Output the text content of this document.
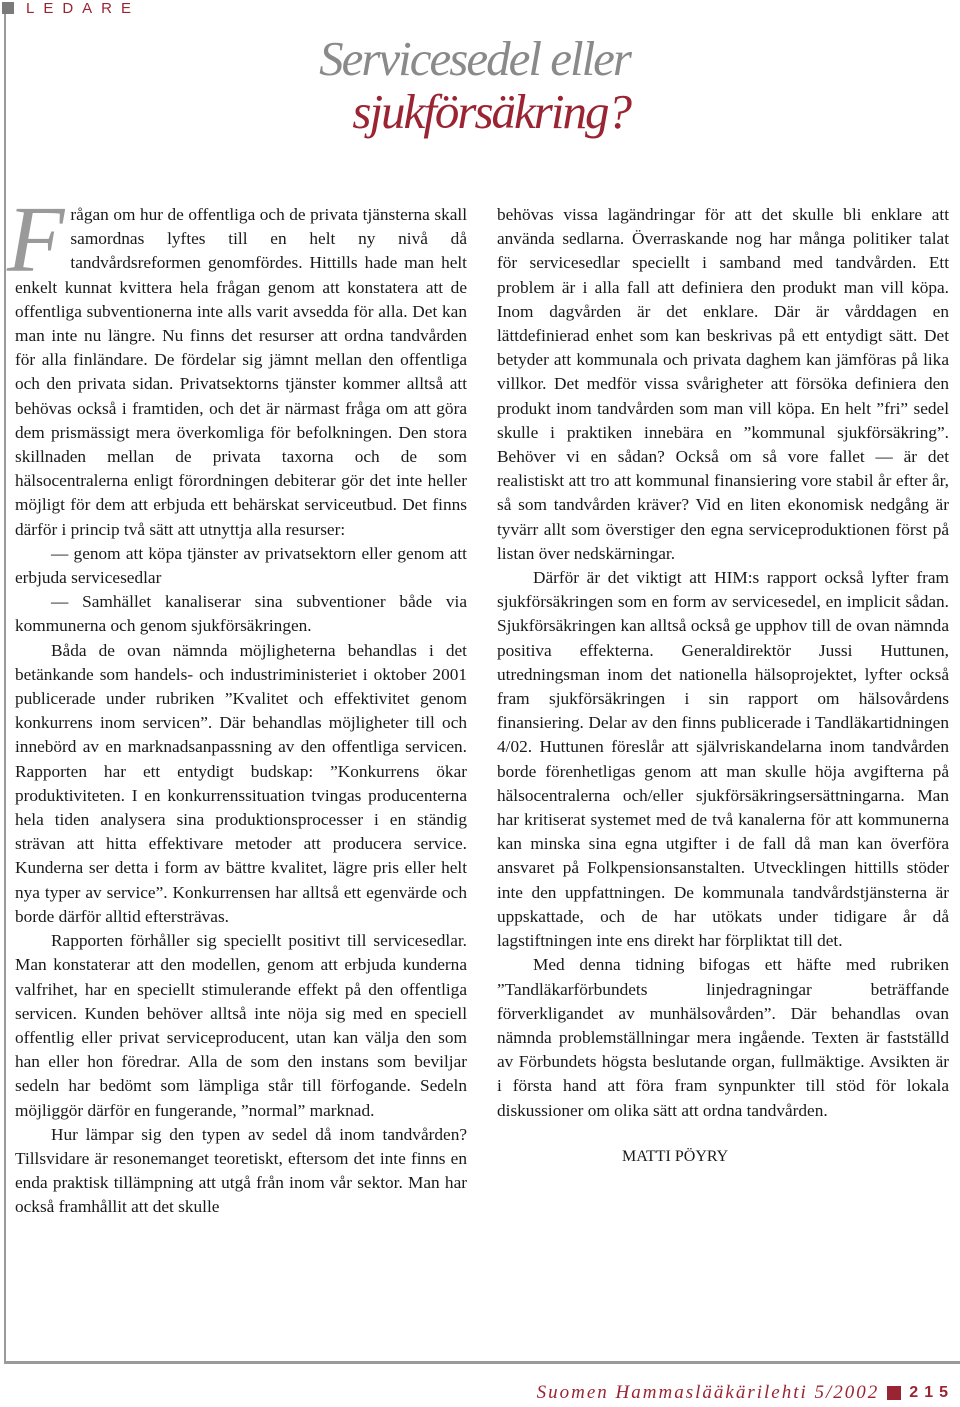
LEDARE
Servicesedel eller
sjukförsäkring?

Frågan om hur de offentliga och de privata tjänsterna skall samordnas lyftes till en helt ny nivå då tandvårdsreformen genomfördes. Hittills hade man helt enkelt kunnat kvittera hela frågan genom att konstatera att de offentliga subventionerna inte alls varit avsedda för alla. Det kan man inte nu längre. Nu finns det resurser att ordna tandvården för alla finländare. De fördelar sig jämnt mellan den offentliga och den privata sidan. Privatsektorns tjänster kommer alltså att behövas också i framtiden, och det är närmast fråga om att göra dem prismässigt mera överkomliga för befolkningen. Den stora skillnaden mellan de privata taxorna och de som hälsocentralerna enligt förordningen debiterar gör det inte heller möjligt för dem att erbjuda ett behärskat serviceutbud. Det finns därför i princip två sätt att utnyttja alla resurser:

— genom att köpa tjänster av privatsektorn eller genom att erbjuda servicesedlar

— Samhället kanaliserar sina subventioner både via kommunerna och genom sjukförsäkringen.

Båda de ovan nämnda möjligheterna behandlas i det betänkande som handels- och industriministeriet i oktober 2001 publicerade under rubriken ”Kvalitet och effektivitet genom konkurrens inom servicen”. Där behandlas möjligheter till och innebörd av en marknadsanpassning av den offentliga servicen. Rapporten har ett entydigt budskap: ”Konkurrens ökar produktiviteten. I en konkurrenssituation tvingas producenterna hela tiden analysera sina produktionsprocesser i en ständig strävan att hitta effektivare metoder att producera service. Kunderna ser detta i form av bättre kvalitet, lägre pris eller helt nya typer av service”. Konkurrensen har alltså ett egenvärde och borde därför alltid eftersträvas.

Rapporten förhåller sig speciellt positivt till servicesedlar. Man konstaterar att den modellen, genom att erbjuda kunderna valfrihet, har en speciellt stimulerande effekt på den offentliga servicen. Kunden behöver alltså inte nöja sig med en speciell offentlig eller privat serviceproducent, utan kan välja den som han eller hon föredrar. Alla de som den instans som beviljar sedeln har bedömt som lämpliga står till förfogande. Sedeln möjliggör därför en fungerande, ”normal” marknad.

Hur lämpar sig den typen av sedel då inom tandvården? Tillsvidare är resonemanget teoretiskt, eftersom det inte finns en enda praktisk tillämpning att utgå från inom vår sektor. Man har också framhållit att det skulle

behövas vissa lagändringar för att det skulle bli enklare att använda sedlarna. Överraskande nog har många politiker talat för servicesedlar speciellt i samband med tandvården. Ett problem är i alla fall att definiera den produkt man vill köpa. Inom dagvården är det enklare. Där är vårddagen en lättdefinierad enhet som kan beskrivas på ett entydigt sätt. Det betyder att kommunala och privata daghem kan jämföras på lika villkor. Det medför vissa svårigheter att försöka definiera den produkt inom tandvården som man vill köpa. En helt ”fri” sedel skulle i praktiken innebära en ”kommunal sjukförsäkring”. Behöver vi en sådan? Också om så vore fallet — är det realistiskt att tro att kommunal finansiering vore stabil år efter år, så som tandvården kräver? Vid en liten ekonomisk nedgång är tyvärr allt som överstiger den egna serviceproduktionen först på listan över nedskärningar.

Därför är det viktigt att HIM:s rapport också lyfter fram sjukförsäkringen som en form av servicesedel, en implicit sådan. Sjukförsäkringen kan alltså också ge upphov till de ovan nämnda positiva effekterna. Generaldirektör Jussi Huttunen, utredningsman inom det nationella hälsoprojektet, lyfter också fram sjukförsäkringen i sin rapport om hälsovårdens finansiering. Delar av den finns publicerade i Tandläkartidningen 4/02. Huttunen föreslår att självriskandelarna inom tandvården borde förenhetligas genom att man skulle höja avgifterna på hälsocentralerna och/eller sjukförsäkringsersättningarna. Man har kritiserat systemet med de två kanalerna för att kommunerna kan minska sina egna utgifter i de fall då man kan överföra ansvaret på Folkpensionsanstalten. Utvecklingen hittills stöder inte den uppfattningen. De kommunala tandvårdstjänsterna är uppskattade, och de har utökats under tidigare år då lagstiftningen inte ens direkt har förpliktat till det.

Med denna tidning bifogas ett häfte med rubriken ”Tandläkarförbundets linjedragningar beträffande förverkligandet av munhälsovården”. Där behandlas ovan nämnda problemställningar mera ingående. Texten är fastställd av Förbundets högsta beslutande organ, fullmäktige. Avsikten är i första hand att föra fram synpunkter till stöd för lokala diskussioner om olika sätt att ordna tandvården.

MATTI PÖYRY

Suomen Hammaslääkärilehti 5/2002 215
